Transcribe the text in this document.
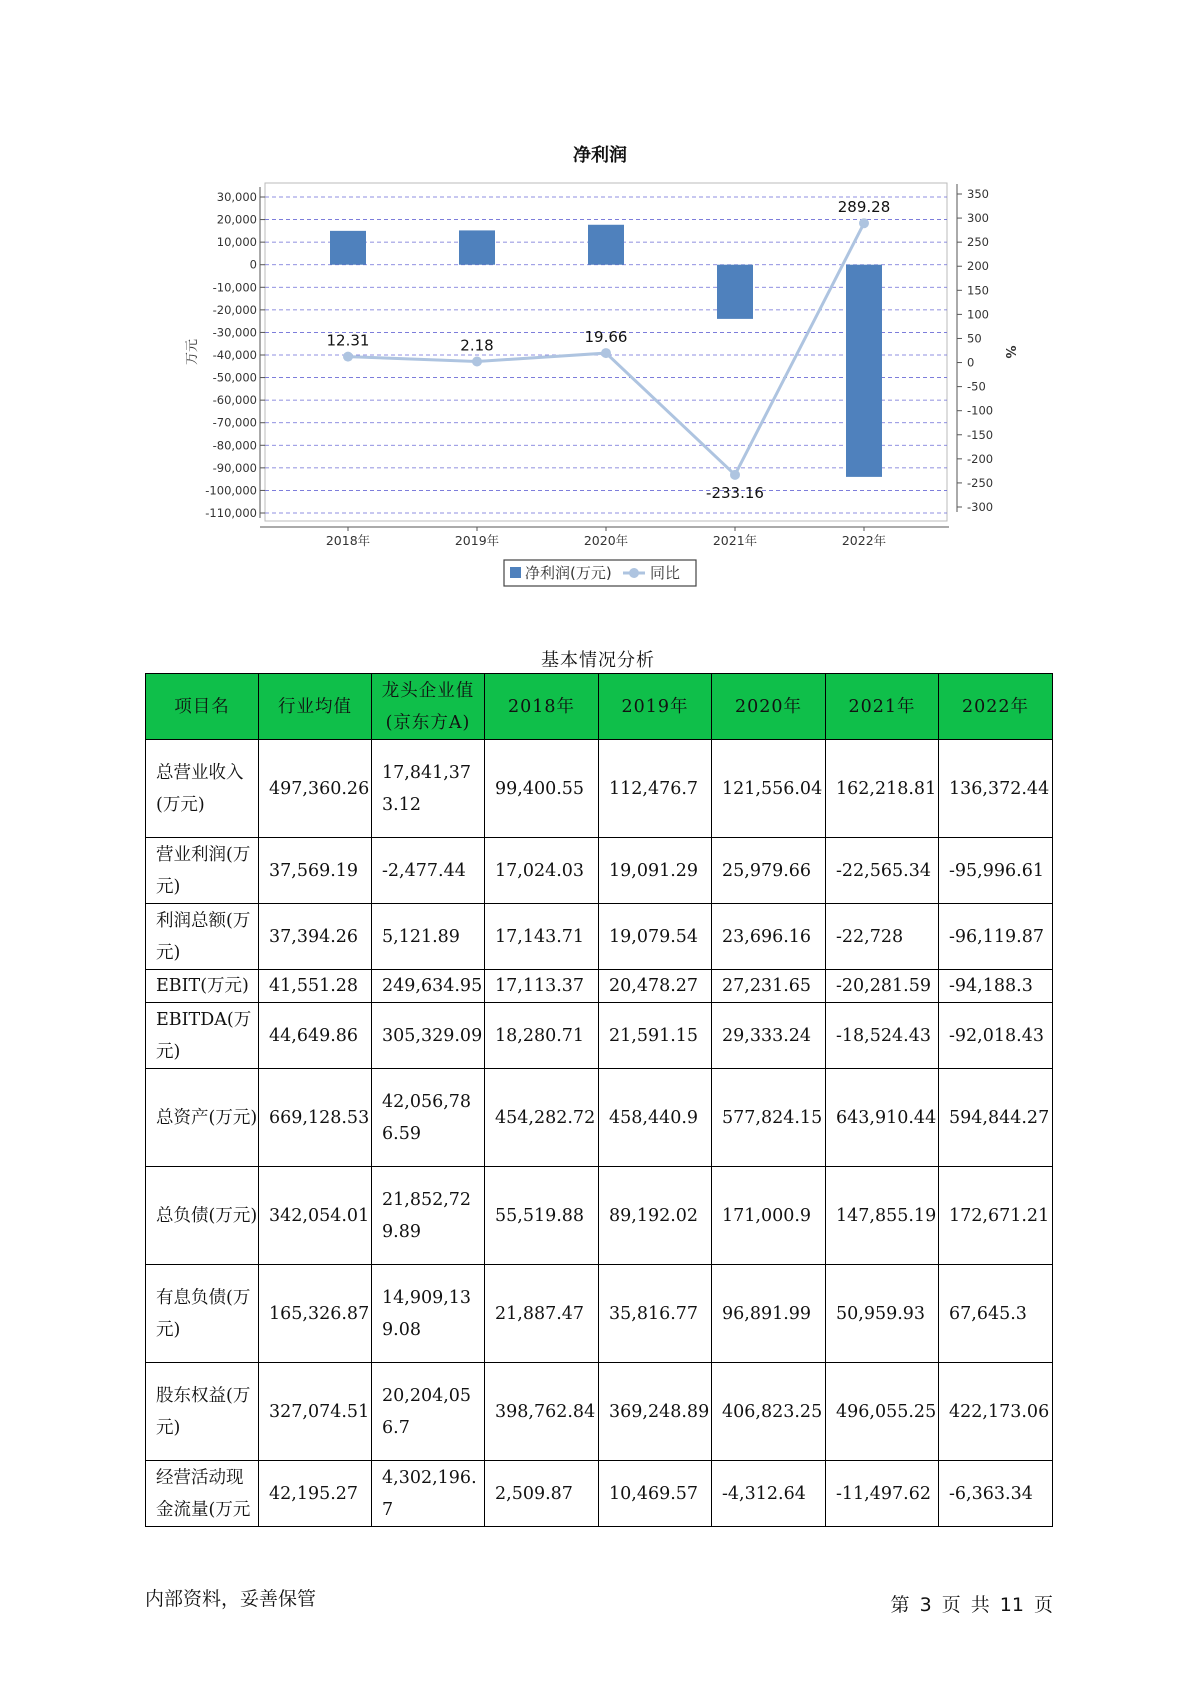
净利润
12.31	2.18	19.66
-233.16
289.28
30,000
20,000
10,000
0
-10,000
-20,000
-30,000
-40,000
-50,000
-60,000
-70,000
-80,000
-90,000
-100,000
-110,000
350
300
250
200
150
100
50
0
-50
-100
-150
-200
-250
-300
2018年	2019年	2020年	2021年	2022年
万元	%
净利润(万元)	同比
基本情况分析
项目名	行业均值	龙头企业值(京东方A)	2018年	2019年	2020年	2021年	2022年
总营业收入(万元)	497,360.26	17,841,373.12	99,400.55	112,476.7	121,556.04	162,218.81	136,372.44
营业利润(万元)	37,569.19	-2,477.44	17,024.03	19,091.29	25,979.66	-22,565.34	-95,996.61
利润总额(万元)	37,394.26	5,121.89	17,143.71	19,079.54	23,696.16	-22,728	-96,119.87
EBIT(万元)	41,551.28	249,634.95	17,113.37	20,478.27	27,231.65	-20,281.59	-94,188.3
EBITDA(万元)	44,649.86	305,329.09	18,280.71	21,591.15	29,333.24	-18,524.43	-92,018.43
总资产(万元)	669,128.53	42,056,786.59	454,282.72	458,440.9	577,824.15	643,910.44	594,844.27
总负债(万元)	342,054.01	21,852,729.89	55,519.88	89,192.02	171,000.9	147,855.19	172,671.21
有息负债(万元)	165,326.87	14,909,139.08	21,887.47	35,816.77	96,891.99	50,959.93	67,645.3
股东权益(万元)	327,074.51	20,204,056.7	398,762.84	369,248.89	406,823.25	496,055.25	422,173.06
经营活动现金流量(万元	42,195.27	4,302,196.7	2,509.87	10,469.57	-4,312.64	-11,497.62	-6,363.34
内部资料，妥善保管	第 3 页 共 11 页
